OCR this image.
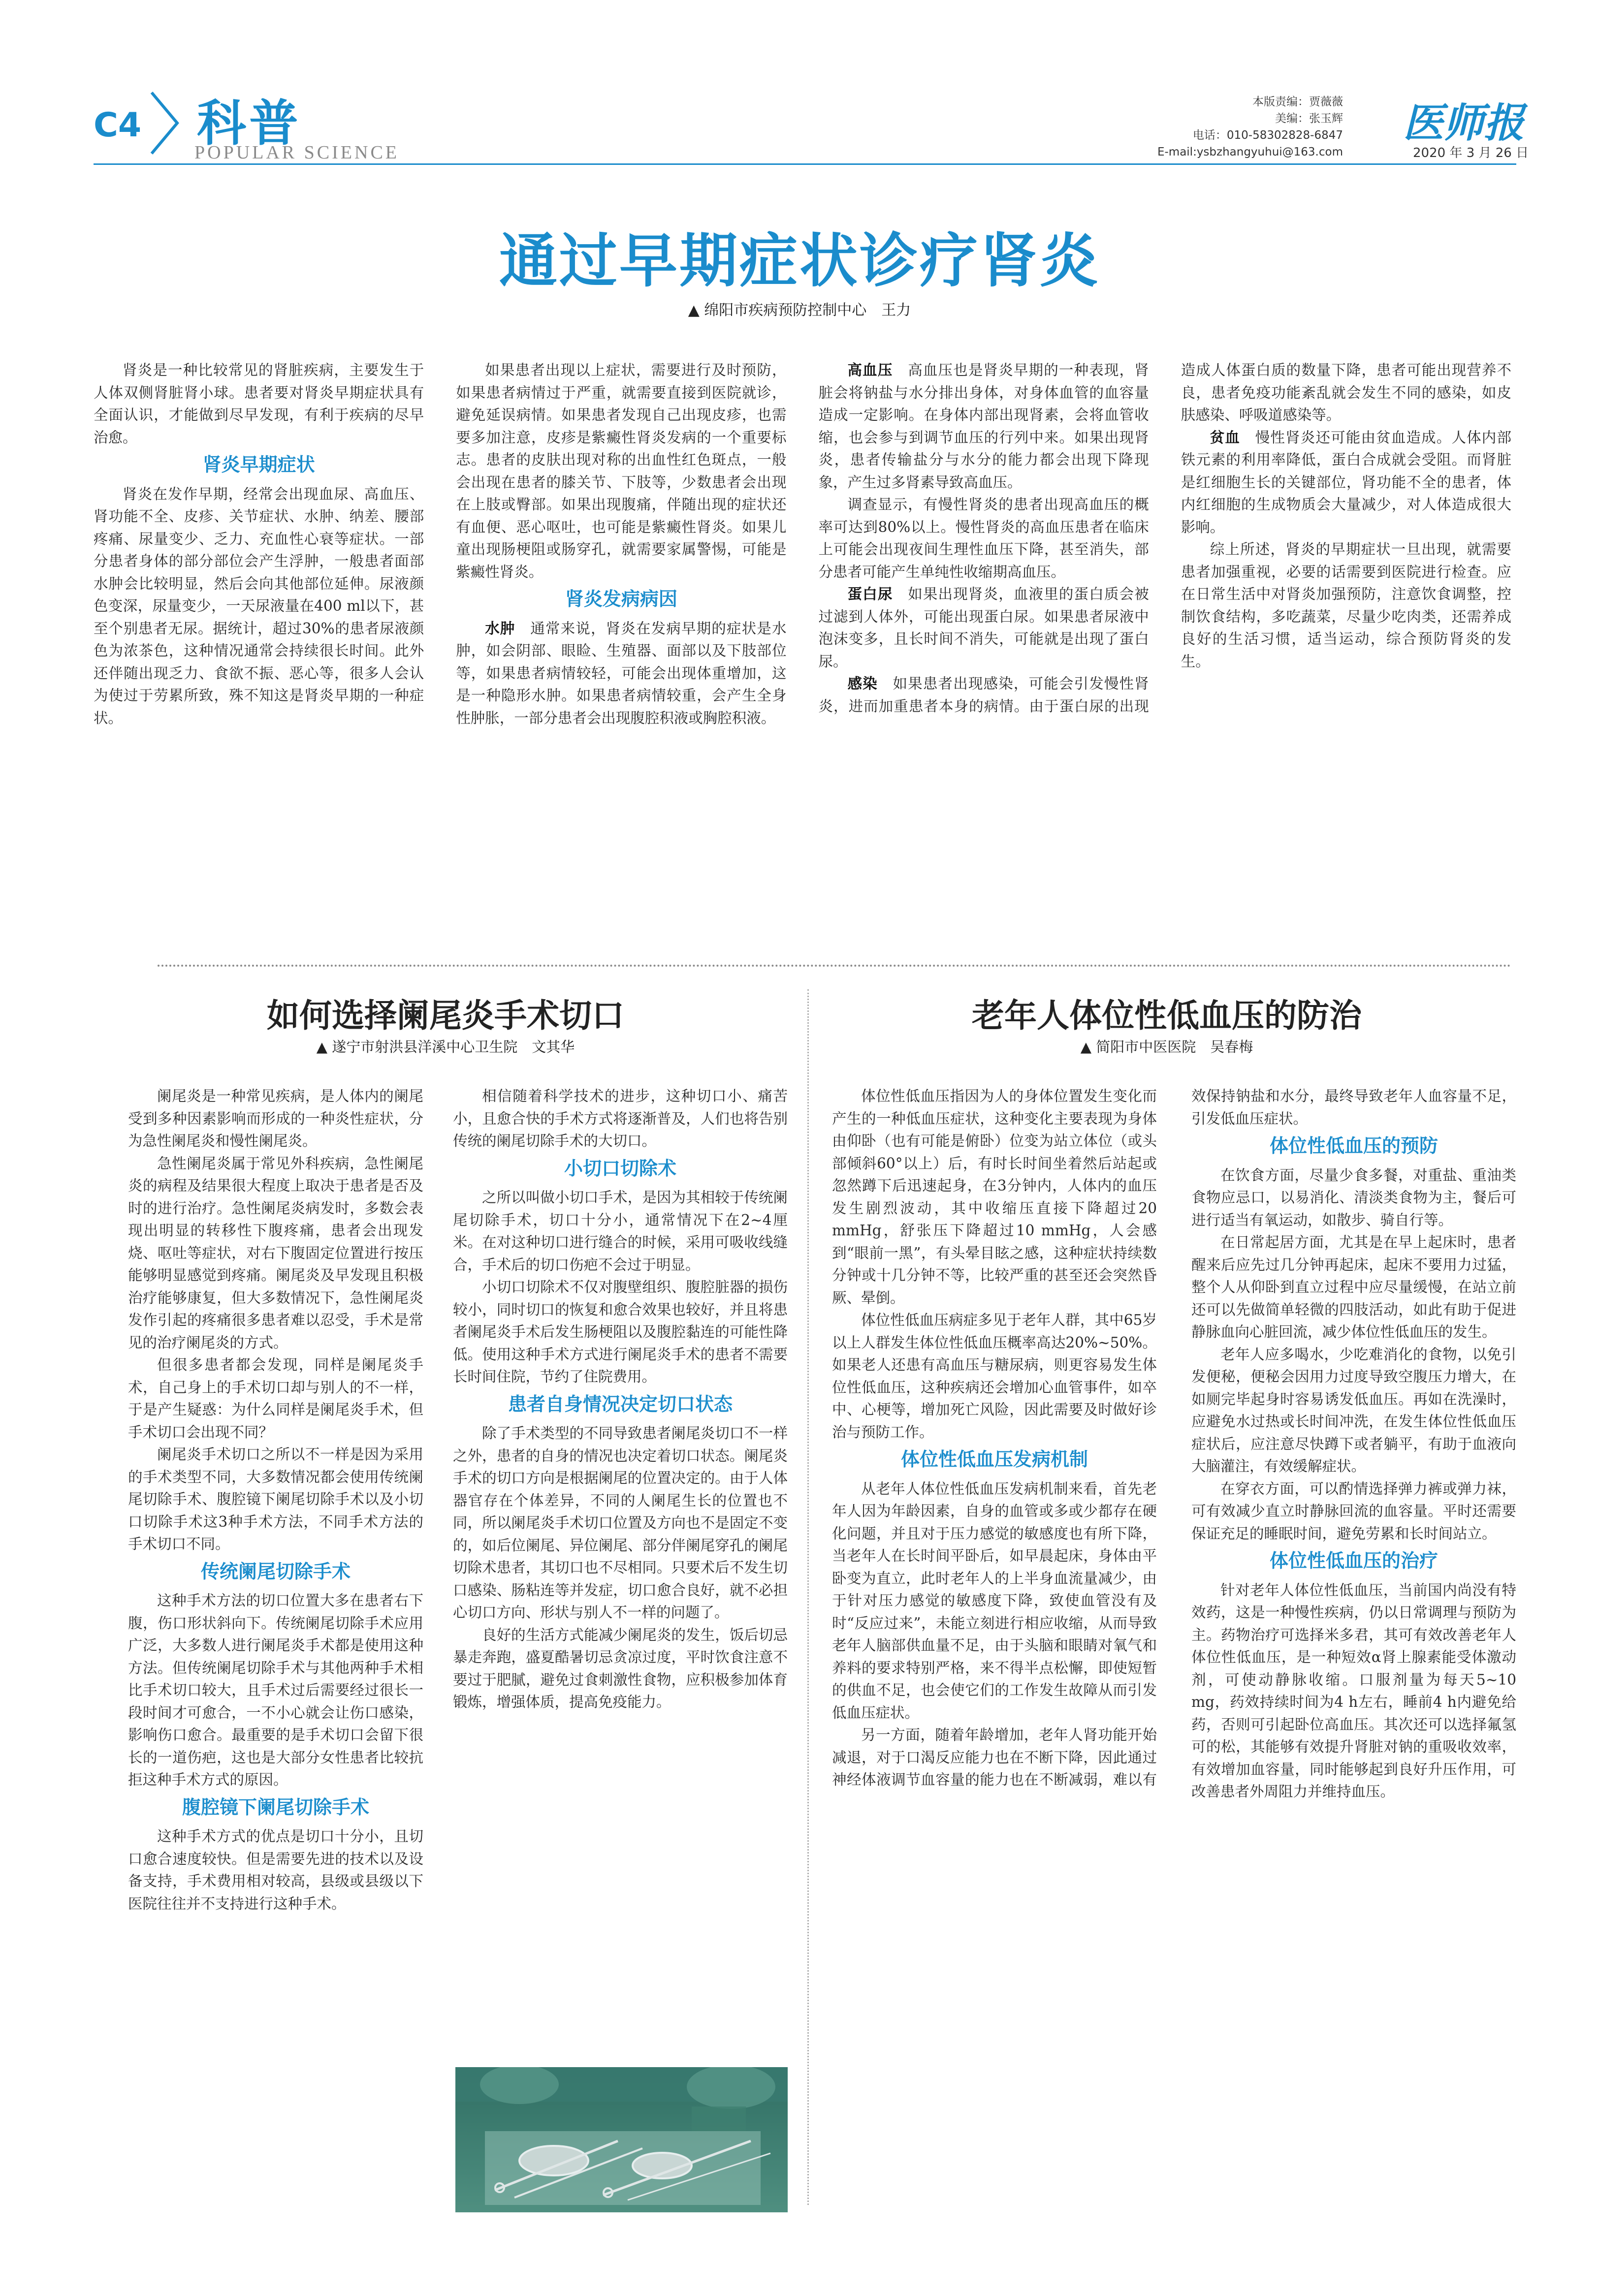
C4 科普
POPULAR SCIENCE
本版责编：贾薇薇
美编：张玉辉
电话：010-58302828-6847
E-mail:ysbzhangyuhui@163.com
医师报
2020 年 3 月 26 日
通过早期症状诊疗肾炎
▲ 绵阳市疾病预防控制中心　王力

肾炎是一种比较常见的肾脏疾病，主要发生于人体双侧肾脏肾小球。患者要对肾炎早期症状具有全面认识，才能做到尽早发现，有利于疾病的尽早治愈。

肾炎早期症状

肾炎在发作早期，经常会出现血尿、高血压、肾功能不全、皮疹、关节症状、水肿、纳差、腰部疼痛、尿量变少、乏力、充血性心衰等症状。一部分患者身体的部分部位会产生浮肿，一般患者面部水肿会比较明显，然后会向其他部位延伸。尿液颜色变深，尿量变少，一天尿液量在400 ml以下，甚至个别患者无尿。据统计，超过30%的患者尿液颜色为浓茶色，这种情况通常会持续很长时间。此外还伴随出现乏力、食欲不振、恶心等，很多人会认为使过于劳累所致，殊不知这是肾炎早期的一种症状。

如果患者出现以上症状，需要进行及时预防，如果患者病情过于严重，就需要直接到医院就诊，避免延误病情。如果患者发现自己出现皮疹，也需要多加注意，皮疹是紫癜性肾炎发病的一个重要标志。患者的皮肤出现对称的出血性红色斑点，一般会出现在患者的膝关节、下肢等，少数患者会出现在上肢或臀部。如果出现腹痛，伴随出现的症状还有血便、恶心呕吐，也可能是紫癜性肾炎。如果儿童出现肠梗阻或肠穿孔，就需要家属警惕，可能是紫癜性肾炎。

肾炎发病病因

水肿　 通常来说，肾炎在发病早期的症状是水肿，如会阴部、眼睑、生殖器、面部以及下肢部位等，如果患者病情较轻，可能会出现体重增加，这是一种隐形水肿。如果患者病情较重，会产生全身性肿胀，一部分患者会出现腹腔积液或胸腔积液。

高血压　 高血压也是肾炎早期的一种表现，肾脏会将钠盐与水分排出身体，对身体血管的血容量造成一定影响。在身体内部出现肾素，会将血管收缩，也会参与到调节血压的行列中来。如果出现肾炎，患者传输盐分与水分的能力都会出现下降现象，产生过多肾素导致高血压。

调查显示，有慢性肾炎的患者出现高血压的概率可达到80%以上。慢性肾炎的高血压患者在临床上可能会出现夜间生理性血压下降，甚至消失，部分患者可能产生单纯性收缩期高血压。

蛋白尿　 如果出现肾炎，血液里的蛋白质会被过滤到人体外，可能出现蛋白尿。如果患者尿液中泡沫变多，且长时间不消失，可能就是出现了蛋白尿。

感染　 如果患者出现感染，可能会引发慢性肾炎，进而加重患者本身的病情。由于蛋白尿的出现造成人体蛋白质的数量下降，患者可能出现营养不良，患者免疫功能紊乱就会发生不同的感染，如皮肤感染、呼吸道感染等。

贫血　 慢性肾炎还可能由贫血造成。人体内部铁元素的利用率降低，蛋白合成就会受阻。而肾脏是红细胞生长的关键部位，肾功能不全的患者，体内红细胞的生成物质会大量减少，对人体造成很大影响。

综上所述，肾炎的早期症状一旦出现，就需要患者加强重视，必要的话需要到医院进行检查。应在日常生活中对肾炎加强预防，注意饮食调整，控制饮食结构，多吃蔬菜，尽量少吃肉类，还需养成良好的生活习惯，适当运动，综合预防肾炎的发生。

如何选择阑尾炎手术切口
▲ 遂宁市射洪县洋溪中心卫生院　文其华

阑尾炎是一种常见疾病，是人体内的阑尾受到多种因素影响而形成的一种炎性症状，分为急性阑尾炎和慢性阑尾炎。

急性阑尾炎属于常见外科疾病，急性阑尾炎的病程及结果很大程度上取决于患者是否及时的进行治疗。急性阑尾炎病发时，多数会表现出明显的转移性下腹疼痛，患者会出现发烧、呕吐等症状，对右下腹固定位置进行按压能够明显感觉到疼痛。阑尾炎及早发现且积极治疗能够康复，但大多数情况下，急性阑尾炎发作引起的疼痛很多患者难以忍受，手术是常见的治疗阑尾炎的方式。

但很多患者都会发现，同样是阑尾炎手术，自己身上的手术切口却与别人的不一样，于是产生疑惑：为什么同样是阑尾炎手术，但手术切口会出现不同？

阑尾炎手术切口之所以不一样是因为采用的手术类型不同，大多数情况都会使用传统阑尾切除手术、腹腔镜下阑尾切除手术以及小切口切除手术这3种手术方法，不同手术方法的手术切口不同。

传统阑尾切除手术

这种手术方法的切口位置大多在患者右下腹，伤口形状斜向下。传统阑尾切除手术应用广泛，大多数人进行阑尾炎手术都是使用这种方法。但传统阑尾切除手术与其他两种手术相比手术切口较大，且手术过后需要经过很长一段时间才可愈合，一不小心就会让伤口感染，影响伤口愈合。最重要的是手术切口会留下很长的一道伤疤，这也是大部分女性患者比较抗拒这种手术方式的原因。

腹腔镜下阑尾切除手术

这种手术方式的优点是切口十分小，且切口愈合速度较快。但是需要先进的技术以及设备支持，手术费用相对较高，县级或县级以下医院往往并不支持进行这种手术。

相信随着科学技术的进步，这种切口小、痛苦小，且愈合快的手术方式将逐渐普及，人们也将告别传统的阑尾切除手术的大切口。

小切口切除术

之所以叫做小切口手术，是因为其相较于传统阑尾切除手术，切口十分小，通常情况下在2~4厘米。在对这种切口进行缝合的时候，采用可吸收线缝合，手术后的切口伤疤不会过于明显。

小切口切除术不仅对腹壁组织、腹腔脏器的损伤较小，同时切口的恢复和愈合效果也较好，并且将患者阑尾炎手术后发生肠梗阻以及腹腔黏连的可能性降低。使用这种手术方式进行阑尾炎手术的患者不需要长时间住院，节约了住院费用。

患者自身情况决定切口状态

除了手术类型的不同导致患者阑尾炎切口不一样之外，患者的自身的情况也决定着切口状态。阑尾炎手术的切口方向是根据阑尾的位置决定的。由于人体器官存在个体差异，不同的人阑尾生长的位置也不同，所以阑尾炎手术切口位置及方向也不是固定不变的，如后位阑尾、异位阑尾、部分伴阑尾穿孔的阑尾切除术患者，其切口也不尽相同。只要术后不发生切口感染、肠粘连等并发症，切口愈合良好，就不必担心切口方向、形状与别人不一样的问题了。

良好的生活方式能减少阑尾炎的发生，饭后切忌暴走奔跑，盛夏酷暑切忌贪凉过度，平时饮食注意不要过于肥腻，避免过食刺激性食物，应积极参加体育锻炼，增强体质，提高免疫能力。

老年人体位性低血压的防治
▲ 简阳市中医医院　吴春梅

体位性低血压指因为人的身体位置发生变化而产生的一种低血压症状，这种变化主要表现为身体由仰卧（也有可能是俯卧）位变为站立体位（或头部倾斜60°以上）后，有时长时间坐着然后站起或忽然蹲下后迅速起身，在3分钟内，人体内的血压发生剧烈波动，其中收缩压直接下降超过20 mmHg，舒张压下降超过10 mmHg，人会感到“眼前一黑”，有头晕目眩之感，这种症状持续数分钟或十几分钟不等，比较严重的甚至还会突然昏厥、晕倒。

体位性低血压病症多见于老年人群，其中65岁以上人群发生体位性低血压概率高达20%~50%。如果老人还患有高血压与糖尿病，则更容易发生体位性低血压，这种疾病还会增加心血管事件，如卒中、心梗等，增加死亡风险，因此需要及时做好诊治与预防工作。

体位性低血压发病机制

从老年人体位性低血压发病机制来看，首先老年人因为年龄因素，自身的血管或多或少都存在硬化问题，并且对于压力感觉的敏感度也有所下降，当老年人在长时间平卧后，如早晨起床，身体由平卧变为直立，此时老年人的上半身血流量减少，由于针对压力感觉的敏感度下降，致使血管没有及时“反应过来”，未能立刻进行相应收缩，从而导致老年人脑部供血量不足，由于头脑和眼睛对氧气和养料的要求特别严格，来不得半点松懈，即使短暂的供血不足，也会使它们的工作发生故障从而引发低血压症状。

另一方面，随着年龄增加，老年人肾功能开始减退，对于口渴反应能力也在不断下降，因此通过神经体液调节血容量的能力也在不断减弱，难以有效保持钠盐和水分，最终导致老年人血容量不足，引发低血压症状。

体位性低血压的预防

在饮食方面，尽量少食多餐，对重盐、重油类食物应忌口，以易消化、清淡类食物为主，餐后可进行适当有氧运动，如散步、骑自行等。

在日常起居方面，尤其是在早上起床时，患者醒来后应先过几分钟再起床，起床不要用力过猛，整个人从仰卧到直立过程中应尽量缓慢，在站立前还可以先做简单轻微的四肢活动，如此有助于促进静脉血向心脏回流，减少体位性低血压的发生。

老年人应多喝水，少吃难消化的食物，以免引发便秘，便秘会因用力过度导致空腹压力增大，在如厕完毕起身时容易诱发低血压。再如在洗澡时，应避免水过热或长时间冲洗，在发生体位性低血压症状后，应注意尽快蹲下或者躺平，有助于血液向大脑灌注，有效缓解症状。

在穿衣方面，可以酌情选择弹力裤或弹力袜，可有效减少直立时静脉回流的血容量。平时还需要保证充足的睡眠时间，避免劳累和长时间站立。

体位性低血压的治疗

针对老年人体位性低血压，当前国内尚没有特效药，这是一种慢性疾病，仍以日常调理与预防为主。药物治疗可选择米多君，其可有效改善老年人体位性低血压，是一种短效α肾上腺素能受体激动剂，可使动静脉收缩。口服剂量为每天5~10 mg，药效持续时间为4 h左右，睡前4 h内避免给药，否则可引起卧位高血压。其次还可以选择氟氢可的松，其能够有效提升肾脏对钠的重吸收效率，有效增加血容量，同时能够起到良好升压作用，可改善患者外周阻力并维持血压。
